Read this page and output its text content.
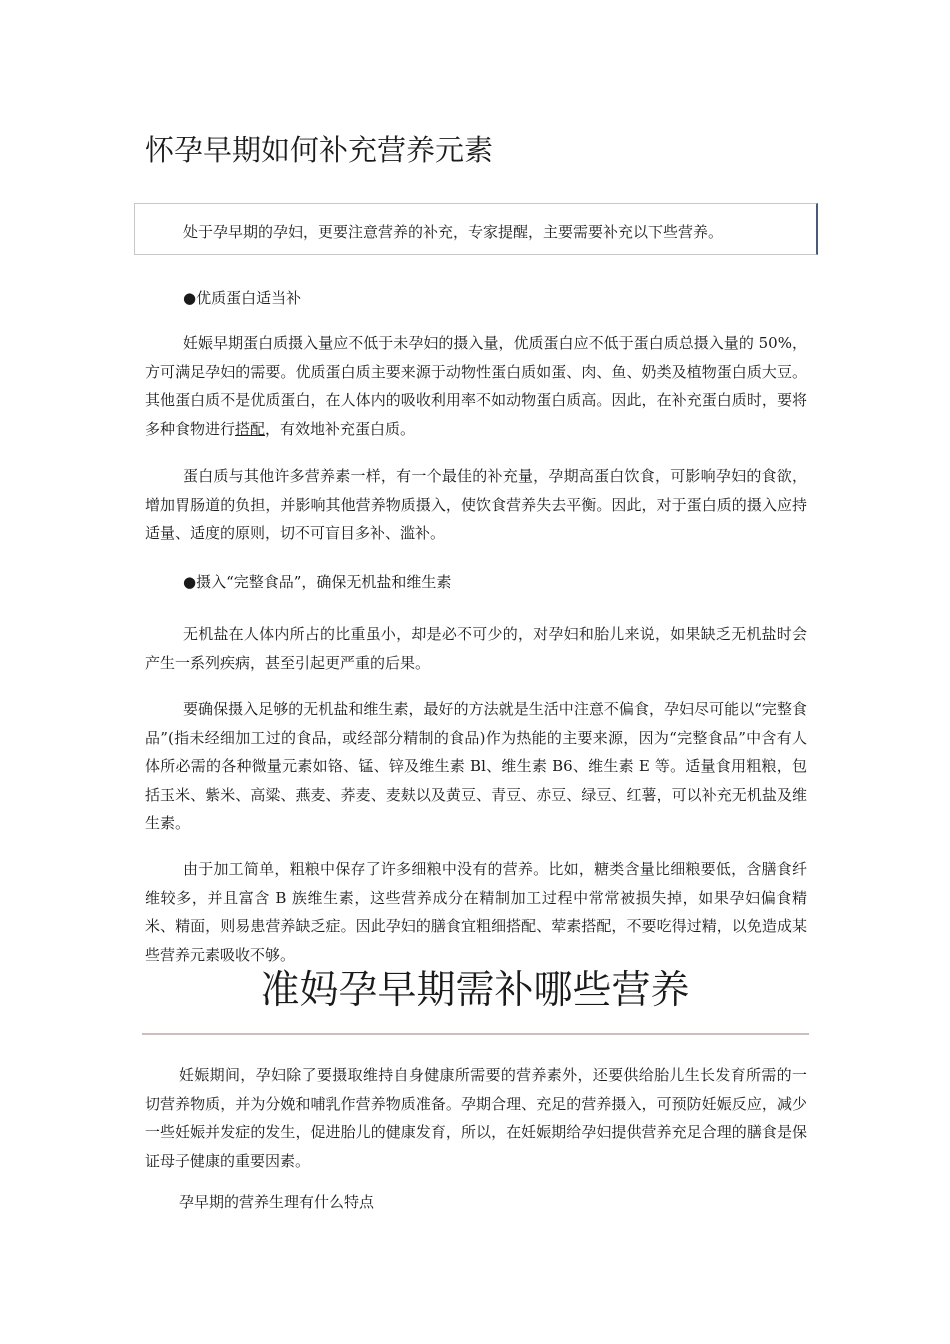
怀孕早期如何补充营养元素
处于孕早期的孕妇，更要注意营养的补充，专家提醒，主要需要补充以下些营养。

●优质蛋白适当补

妊娠早期蛋白质摄入量应不低于未孕妇的摄入量，优质蛋白应不低于蛋白质总摄入量的 50%，方可满足孕妇的需要。优质蛋白质主要来源于动物性蛋白质如蛋、肉、鱼、奶类及植物蛋白质大豆。其他蛋白质不是优质蛋白，在人体内的吸收利用率不如动物蛋白质高。因此，在补充蛋白质时，要将多种食物进行搭配，有效地补充蛋白质。

蛋白质与其他许多营养素一样，有一个最佳的补充量，孕期高蛋白饮食，可影响孕妇的食欲，增加胃肠道的负担，并影响其他营养物质摄入，使饮食营养失去平衡。因此，对于蛋白质的摄入应持适量、适度的原则，切不可盲目多补、滥补。

●摄入“完整食品”，确保无机盐和维生素

无机盐在人体内所占的比重虽小，却是必不可少的，对孕妇和胎儿来说，如果缺乏无机盐时会产生一系列疾病，甚至引起更严重的后果。

要确保摄入足够的无机盐和维生素，最好的方法就是生活中注意不偏食，孕妇尽可能以“完整食品”(指未经细加工过的食品，或经部分精制的食品)作为热能的主要来源，因为“完整食品”中含有人体所必需的各种微量元素如铬、锰、锌及维生素 Bl、维生素 B6、维生素 E 等。适量食用粗粮，包括玉米、紫米、高粱、燕麦、荞麦、麦麸以及黄豆、青豆、赤豆、绿豆、红薯，可以补充无机盐及维生素。

由于加工简单，粗粮中保存了许多细粮中没有的营养。比如，糖类含量比细粮要低，含膳食纤维较多，并且富含 B 族维生素，这些营养成分在精制加工过程中常常被损失掉，如果孕妇偏食精米、精面，则易患营养缺乏症。因此孕妇的膳食宜粗细搭配、荤素搭配，不要吃得过精，以免造成某些营养元素吸收不够。

准妈孕早期需补哪些营养

妊娠期间，孕妇除了要摄取维持自身健康所需要的营养素外，还要供给胎儿生长发育所需的一切营养物质，并为分娩和哺乳作营养物质准备。孕期合理、充足的营养摄入，可预防妊娠反应，减少一些妊娠并发症的发生，促进胎儿的健康发育，所以，在妊娠期给孕妇提供营养充足合理的膳食是保证母子健康的重要因素。

孕早期的营养生理有什么特点
